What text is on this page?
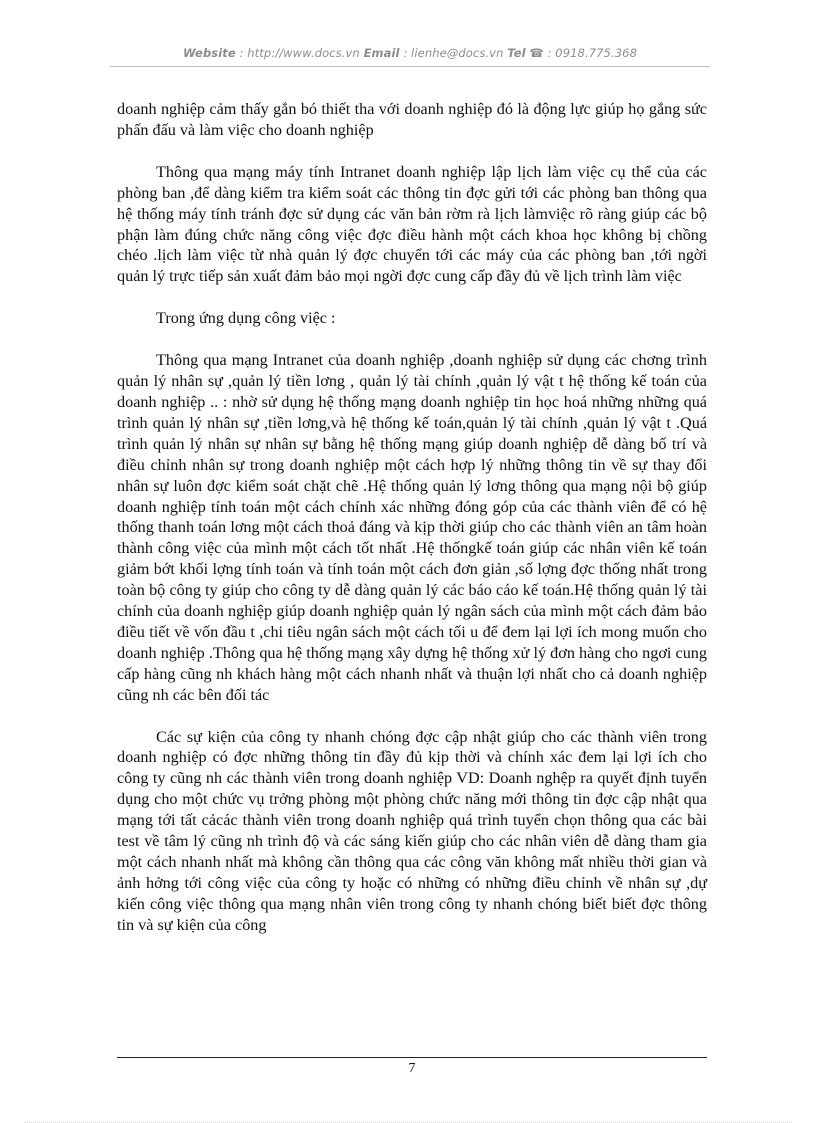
Website : http://www.docs.vn Email : lienhe@docs.vn Tel ☎ : 0918.775.368

doanh nghiệp cảm thấy gắn bó thiết tha với doanh nghiệp đó là động lực giúp họ gắng sức phấn đấu và làm việc cho doanh nghiệp

Thông qua mạng máy tính Intranet doanh nghiệp lập lịch làm việc cụ thể của các phòng ban ,để dàng kiểm tra kiểm soát các thông tin đợc gửi tới các phòng ban thông qua hệ thống máy tính tránh đợc sử dụng các văn bản rờm rà lịch làmviệc rõ ràng giúp các bộ phận làm đúng chức năng công việc đợc điều hành một cách khoa học không bị chồng chéo .lịch làm việc từ nhà quản lý đợc chuyển tới các máy của các phòng ban ,tới ngời quản lý trực tiếp sản xuất đảm bảo mọi ngời đợc cung cấp đầy đủ về lịch trình làm việc

Trong ứng dụng công việc :

Thông qua mạng Intranet của doanh nghiệp ,doanh nghiệp sử dụng các chơng trình quản lý nhân sự ,quản lý tiền lơng , quản lý tài chính ,quản lý vật t hệ thống kế toán của doanh nghiệp .. : nhờ sử dụng hệ thống mạng doanh nghiệp tin học hoá những những quá trình quản lý nhân sự ,tiền lơng,và hệ thống kế toán,quản lý tài chính ,quản lý vật t .Quá trình quản lý nhân sự nhân sự bằng hệ thống mạng giúp doanh nghiệp dễ dàng bố trí và điều chỉnh nhân sự trong doanh nghiệp một cách hợp lý những thông tin về sự thay đổi nhân sự luôn đợc kiểm soát chặt chẽ .Hệ thống quản lý lơng thông qua mạng nội bộ giúp doanh nghiệp tính toán một cách chính xác những đóng góp của các thành viên để có hệ thống thanh toán lơng một cách thoả đáng và kịp thời giúp cho các thành viên an tâm hoàn thành công việc của mình một cách tốt nhất .Hệ thốngkế toán giúp các nhân viên kế toán giảm bớt khối lợng tính toán và tính toán một cách đơn giản ,số lợng đợc thống nhất trong toàn bộ công ty giúp cho công ty dễ dàng quản lý các báo cáo kế toán.Hệ thống quản lý tài chính của doanh nghiệp giúp doanh nghiệp quản lý ngân sách của mình một cách đảm bảo điều tiết về vốn đầu t ,chi tiêu ngân sách một cách tối u để đem lại lợi ích mong muốn cho doanh nghiệp .Thông qua hệ thống mạng xây dựng hệ thống xử lý đơn hàng cho ngơi cung cấp hàng cũng nh khách hàng một cách nhanh nhất và thuận lợi nhất cho cả doanh nghiệp cũng nh các bên đối tác

Các sự kiện của công ty nhanh chóng đợc cập nhật giúp cho các thành viên trong doanh nghiệp có đợc những thông tin đầy đủ kịp thời và chính xác đem lại lợi ích cho công ty cũng nh các thành viên trong doanh nghiệp VD: Doanh nghệp ra quyết định tuyển dụng cho một chức vụ trởng phòng một phòng chức năng mới thông tin đợc cập nhật qua mạng tới tất cảcác thành viên trong doanh nghiệp quá trình tuyển chọn thông qua các bài test về tâm lý cũng nh trình độ và các sáng kiến giúp cho các nhân viên dễ dàng tham gia một cách nhanh nhất mà không cần thông qua các công văn không mất nhiều thời gian và ảnh hởng tới công việc của công ty hoặc có những có những điều chỉnh về nhân sự ,dự kiến công việc thông qua mạng nhân viên trong công ty nhanh chóng biết biết đợc thông tin và sự kiện của công

7
